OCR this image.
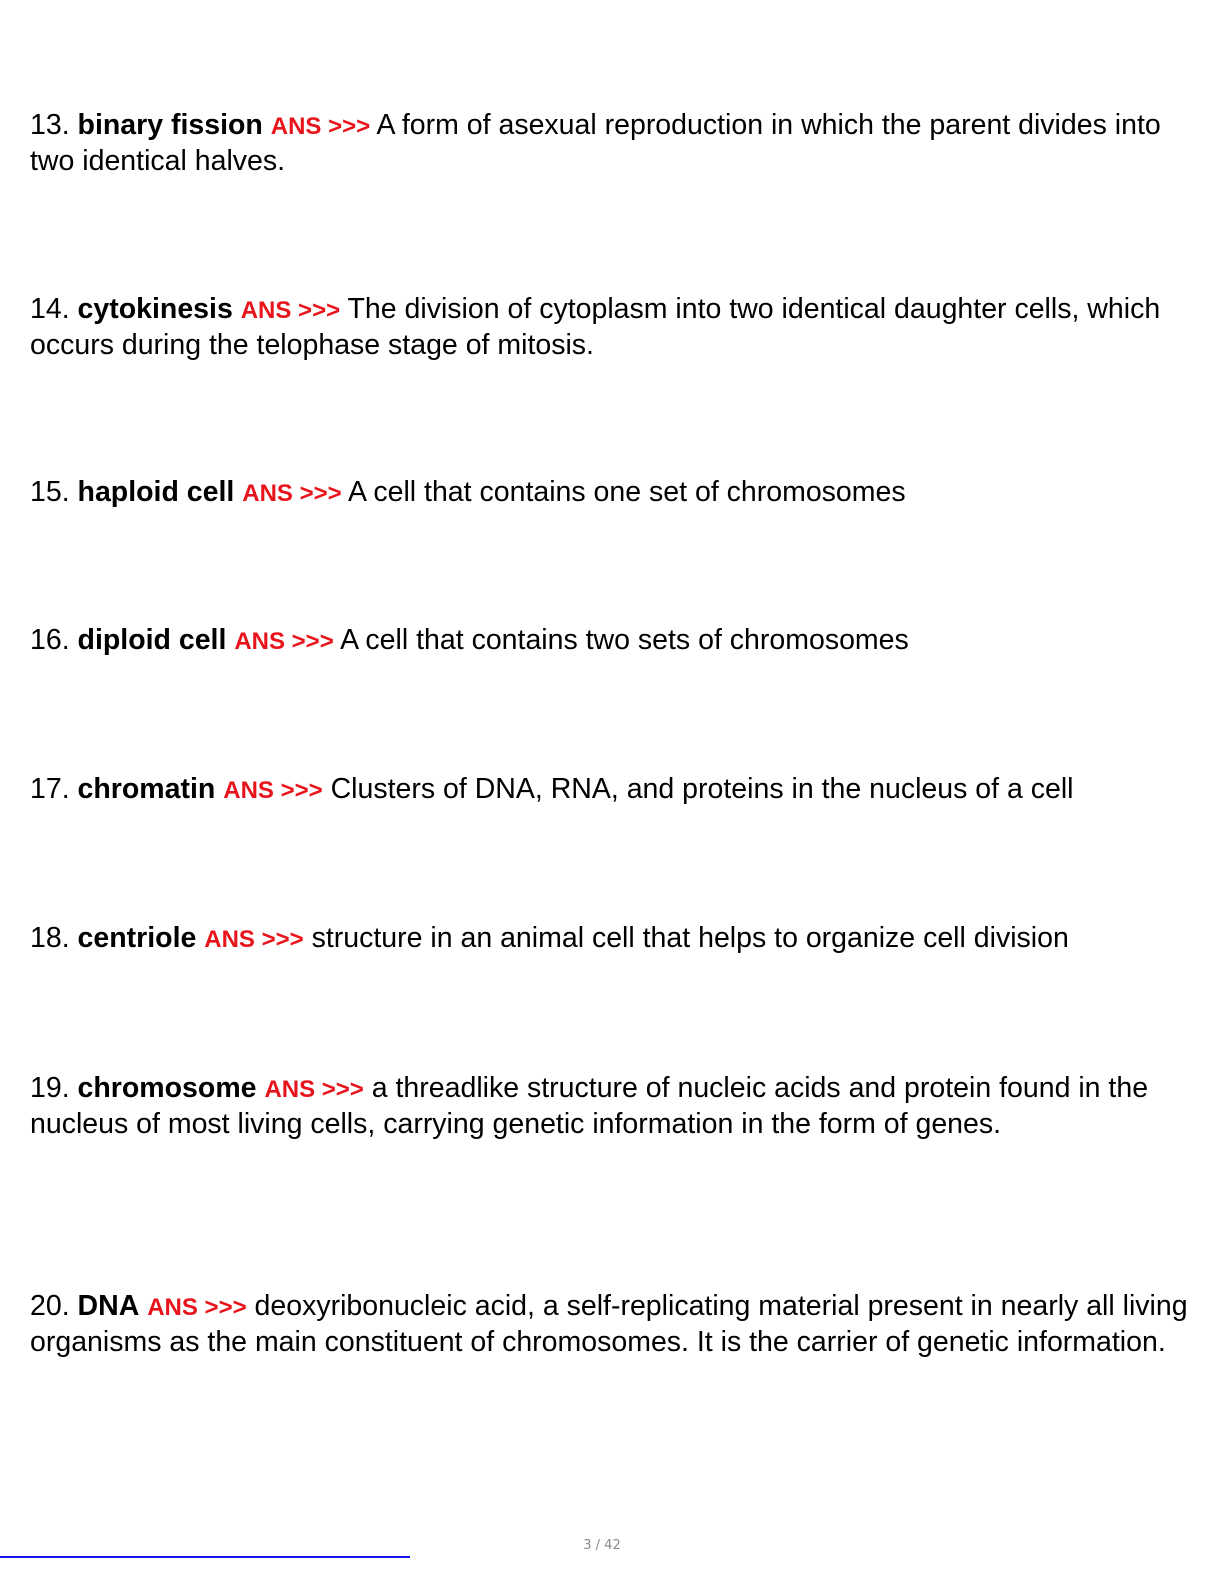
13. binary fission ANS >>> A form of asexual reproduction in which the parent divides into two identical halves.

14. cytokinesis ANS >>> The division of cytoplasm into two identical daughter cells, which occurs during the telophase stage of mitosis.

15. haploid cell ANS >>> A cell that contains one set of chromosomes

16. diploid cell ANS >>> A cell that contains two sets of chromosomes

17. chromatin ANS >>> Clusters of DNA, RNA, and proteins in the nucleus of a cell

18. centriole ANS >>> structure in an animal cell that helps to organize cell division

19. chromosome ANS >>> a threadlike structure of nucleic acids and protein found in the nucleus of most living cells, carrying genetic information in the form of genes.

20. DNA ANS >>> deoxyribonucleic acid, a self-replicating material present in nearly all living organisms as the main constituent of chromosomes. It is the carrier of genetic information.

3 / 42
